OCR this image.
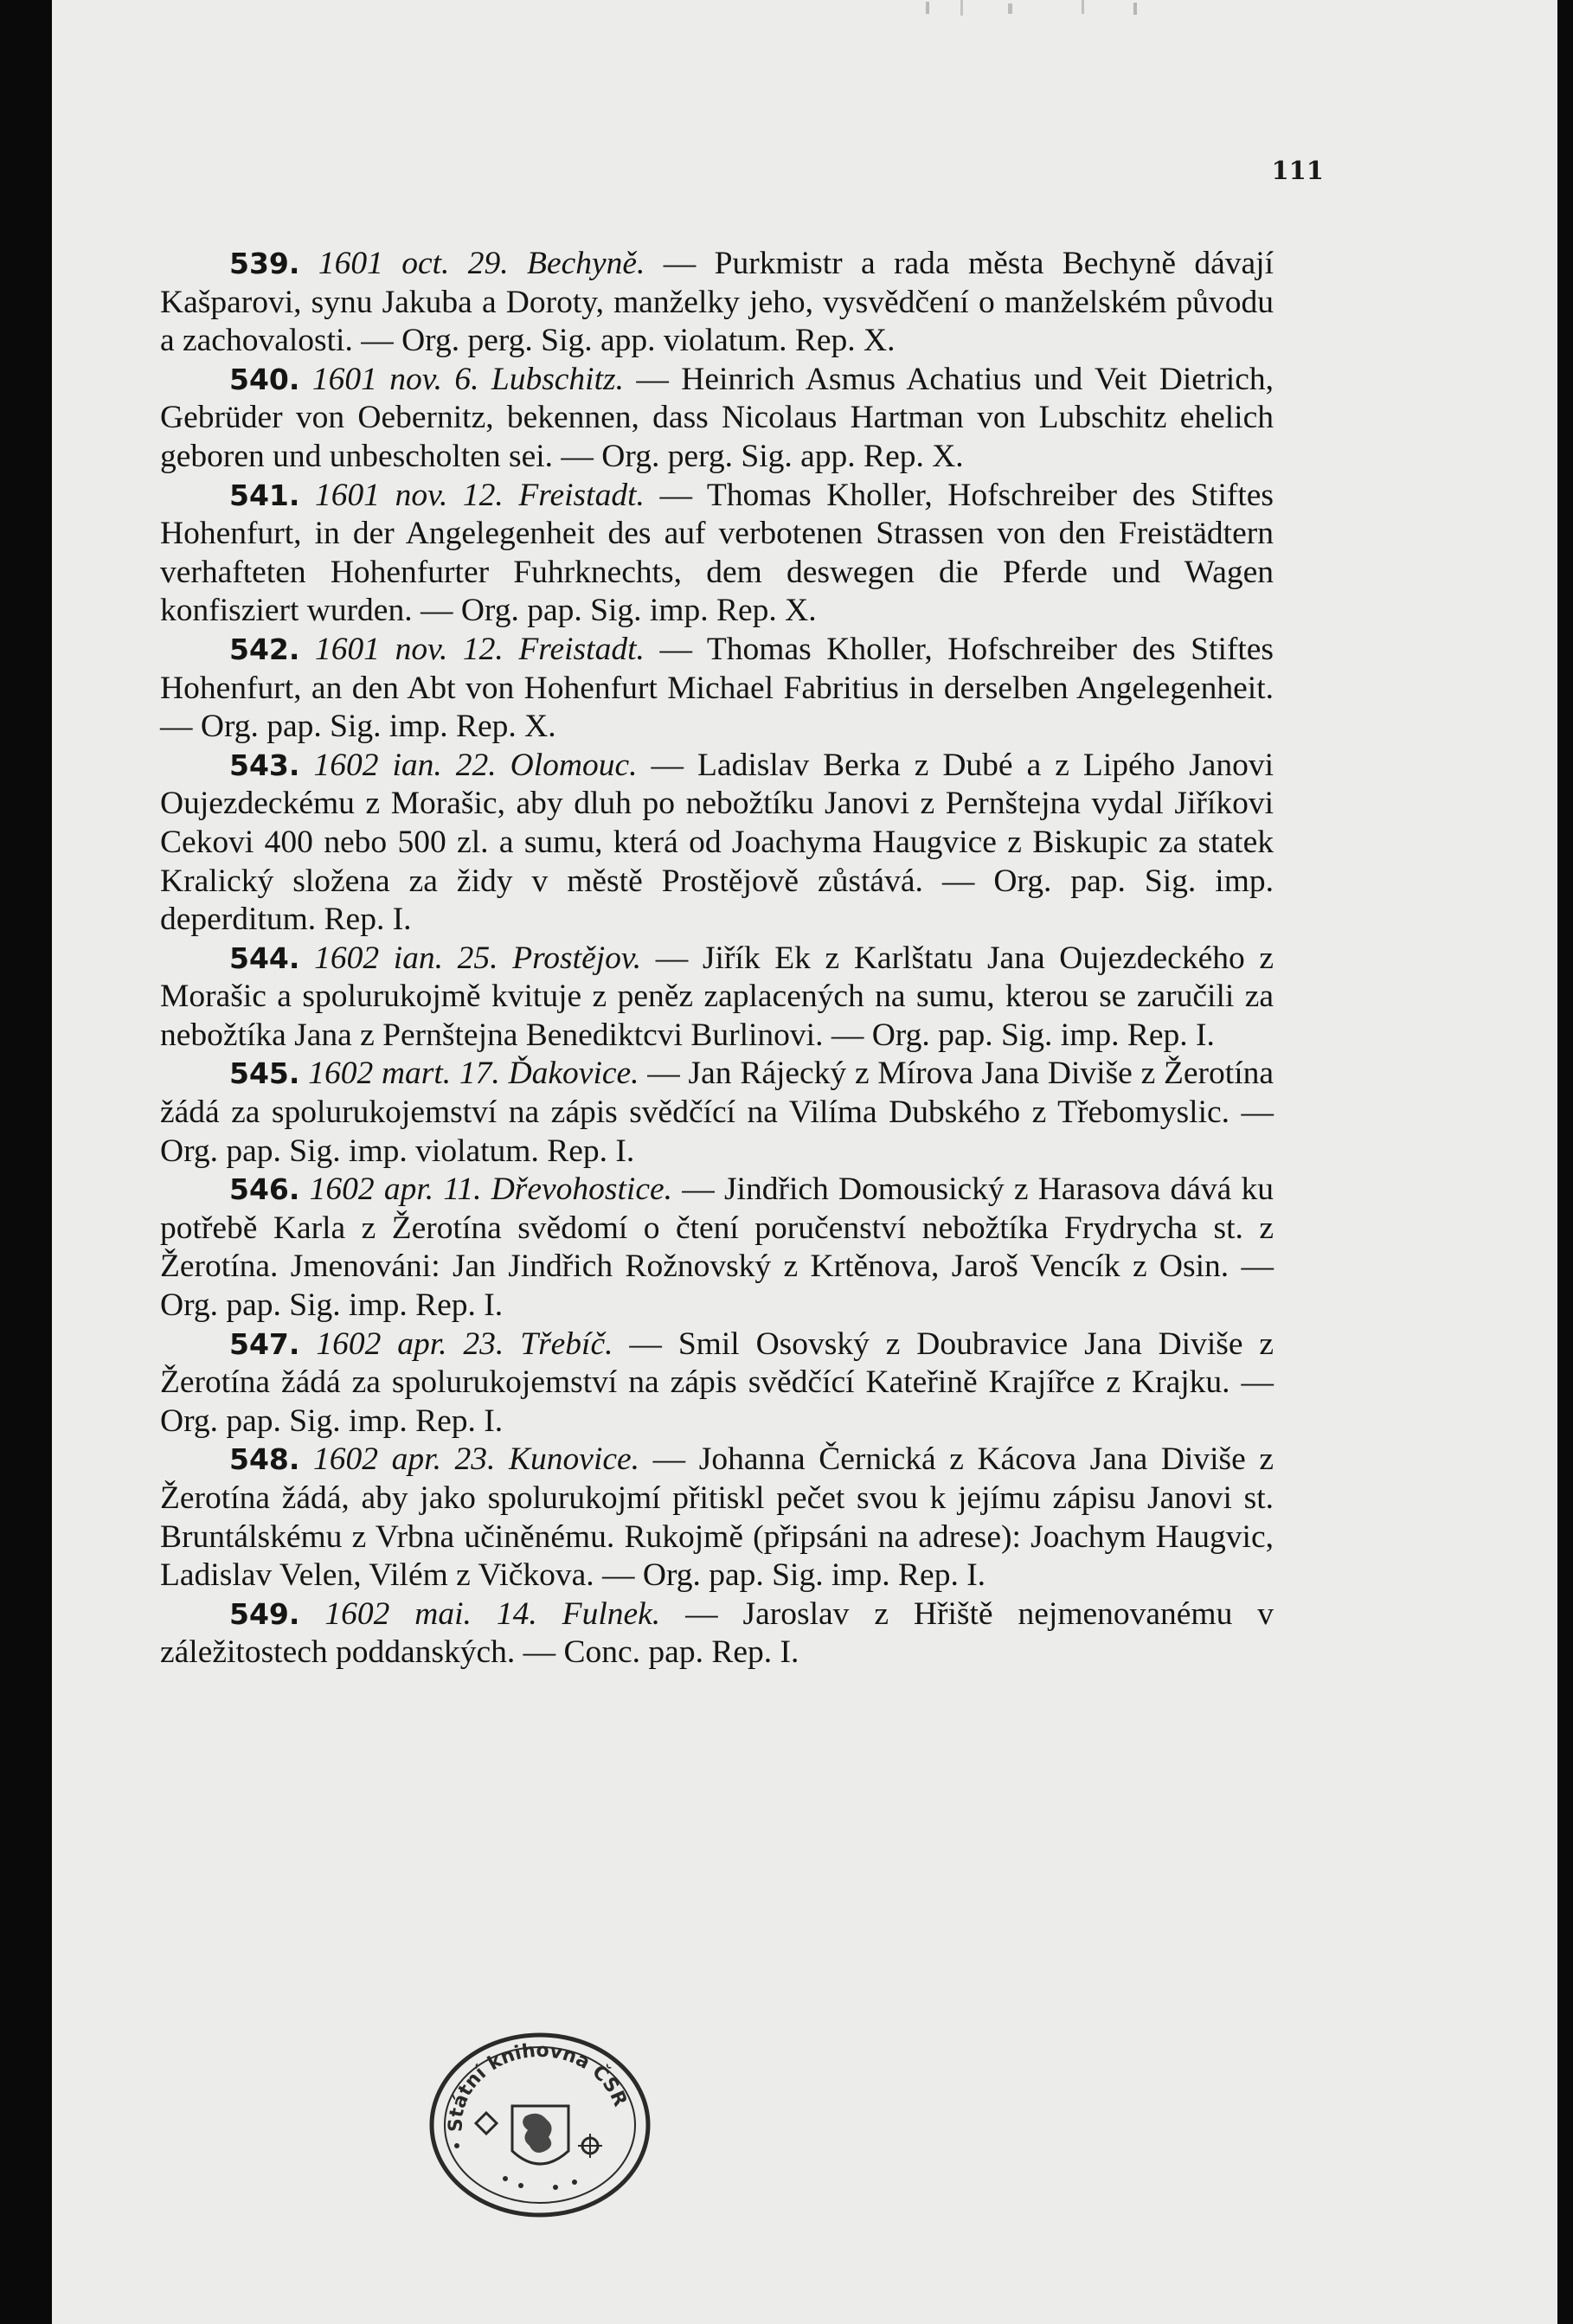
111

539. 1601 oct. 29. Bechyně. — Purkmistr a rada města Bechyně dávají Kašparovi, synu Jakuba a Doroty, manželky jeho, vysvědčení o manželském původu a zachovalosti. — Org. perg. Sig. app. violatum. Rep. X.

540. 1601 nov. 6. Lubschitz. — Heinrich Asmus Achatius und Veit Dietrich, Gebrüder von Oebernitz, bekennen, dass Nicolaus Hartman von Lubschitz ehelich geboren und unbescholten sei. — Org. perg. Sig. app. Rep. X.

541. 1601 nov. 12. Freistadt. — Thomas Kholler, Hofschreiber des Stiftes Hohenfurt, in der Angelegenheit des auf verbotenen Strassen von den Freistädtern verhafteten Hohenfurter Fuhrknechts, dem deswegen die Pferde und Wagen konfisziert wurden. — Org. pap. Sig. imp. Rep. X.

542. 1601 nov. 12. Freistadt. — Thomas Kholler, Hofschreiber des Stiftes Hohenfurt, an den Abt von Hohenfurt Michael Fabritius in derselben Angelegenheit. — Org. pap. Sig. imp. Rep. X.

543. 1602 ian. 22. Olomouc. — Ladislav Berka z Dubé a z Lipého Janovi Oujezdeckému z Morašic, aby dluh po nebožtíku Janovi z Pernštejna vydal Jiříkovi Cekovi 400 nebo 500 zl. a sumu, která od Joachyma Haugvice z Biskupic za statek Kralický složena za židy v městě Prostějově zůstává. — Org. pap. Sig. imp. deperditum. Rep. I.

544. 1602 ian. 25. Prostějov. — Jiřík Ek z Karlštatu Jana Oujezdeckého z Morašic a spolurukojmě kvituje z peněz zaplacených na sumu, kterou se zaručili za nebožtíka Jana z Pernštejna Benediktcvi Burlinovi. — Org. pap. Sig. imp. Rep. I.

545. 1602 mart. 17. Ďakovice. — Jan Rájecký z Mírova Jana Diviše z Žerotína žádá za spolurukojemství na zápis svědčící na Vilíma Dubského z Třebomyslic. — Org. pap. Sig. imp. violatum. Rep. I.

546. 1602 apr. 11. Dřevohostice. — Jindřich Domousický z Harasova dává ku potřebě Karla z Žerotína svědomí o čtení poručenství nebožtíka Frydrycha st. z Žerotína. Jmenováni: Jan Jindřich Rožnovský z Krtěnova, Jaroš Vencík z Osin. — Org. pap. Sig. imp. Rep. I.

547. 1602 apr. 23. Třebíč. — Smil Osovský z Doubravice Jana Diviše z Žerotína žádá za spolurukojemství na zápis svědčící Kateřině Krajířce z Krajku. — Org. pap. Sig. imp. Rep. I.

548. 1602 apr. 23. Kunovice. — Johanna Černická z Kácova Jana Diviše z Žerotína žádá, aby jako spolurukojmí přitiskl pečet svou k jejímu zápisu Janovi st. Bruntálskému z Vrbna učiněnému. Rukojmě (připsáni na adrese): Joachym Haugvic, Ladislav Velen, Vilém z Vičkova. — Org. pap. Sig. imp. Rep. I.

549. 1602 mai. 14. Fulnek. — Jaroslav z Hřiště nejmenovanému v záležitostech poddanských. — Conc. pap. Rep. I.

Státní knihovna ČSR
